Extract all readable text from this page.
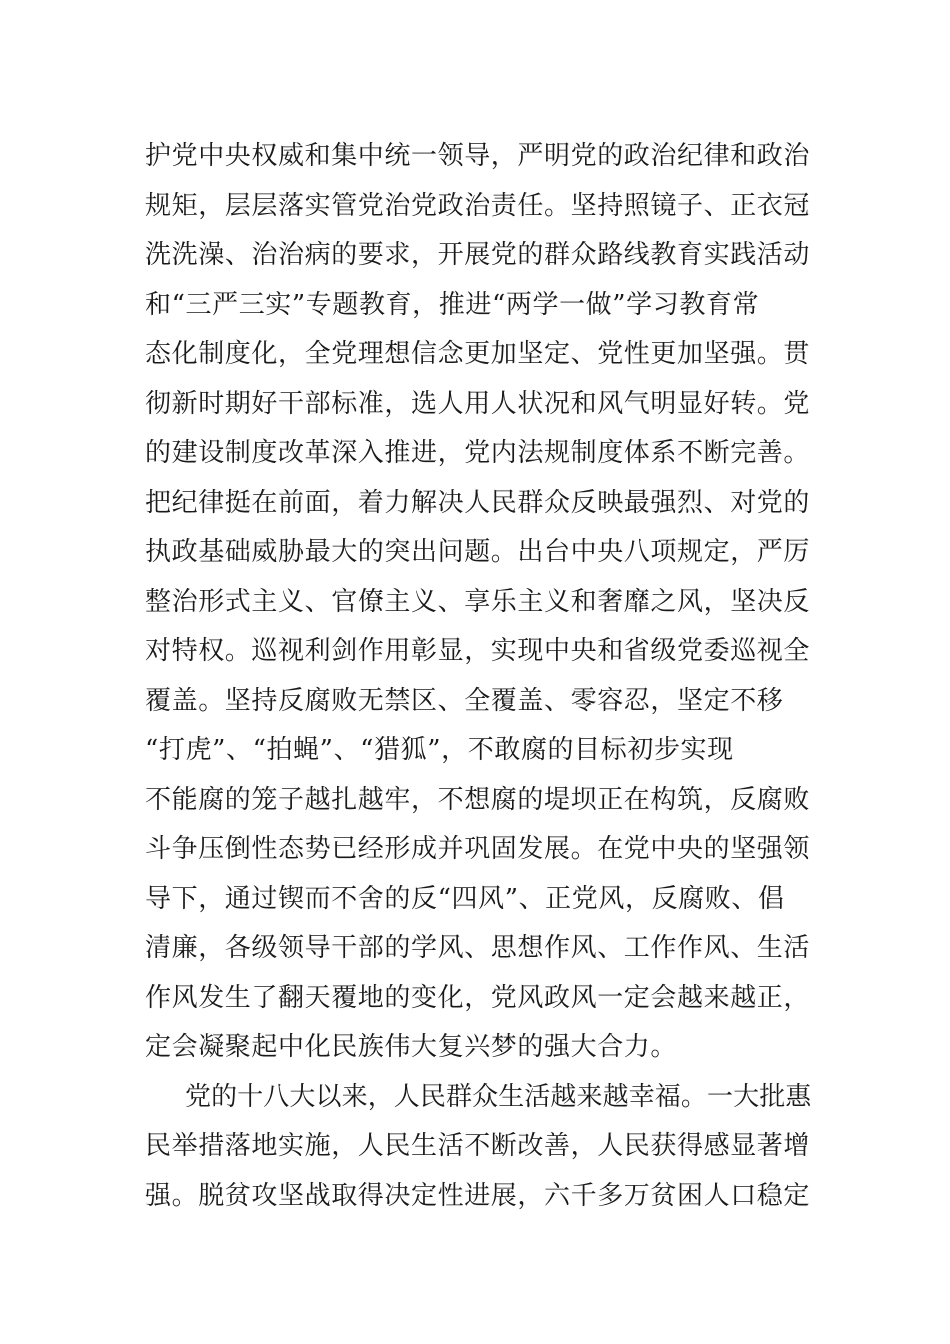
护党中央权威和集中统一领导，严明党的政治纪律和政治
规矩，层层落实管党治党政治责任。坚持照镜子、正衣冠
洗洗澡、治治病的要求，开展党的群众路线教育实践活动
和“三严三实”专题教育，推进“两学一做”学习教育常
态化制度化，全党理想信念更加坚定、党性更加坚强。贯
彻新时期好干部标准，选人用人状况和风气明显好转。党
的建设制度改革深入推进，党内法规制度体系不断完善。
把纪律挺在前面，着力解决人民群众反映最强烈、对党的
执政基础威胁最大的突出问题。出台中央八项规定，严厉
整治形式主义、官僚主义、享乐主义和奢靡之风，坚决反
对特权。巡视利剑作用彰显，实现中央和省级党委巡视全
覆盖。坚持反腐败无禁区、全覆盖、零容忍，坚定不移
“打虎”、“拍蝇”、“猎狐”，不敢腐的目标初步实现
不能腐的笼子越扎越牢，不想腐的堤坝正在构筑，反腐败
斗争压倒性态势已经形成并巩固发展。在党中央的坚强领
导下，通过锲而不舍的反“四风”、正党风，反腐败、倡
清廉，各级领导干部的学风、思想作风、工作作风、生活
作风发生了翻天覆地的变化，党风政风一定会越来越正，
定会凝聚起中化民族伟大复兴梦的强大合力。
党的十八大以来，人民群众生活越来越幸福。一大批惠
民举措落地实施，人民生活不断改善，人民获得感显著增
强。脱贫攻坚战取得决定性进展，六千多万贫困人口稳定
